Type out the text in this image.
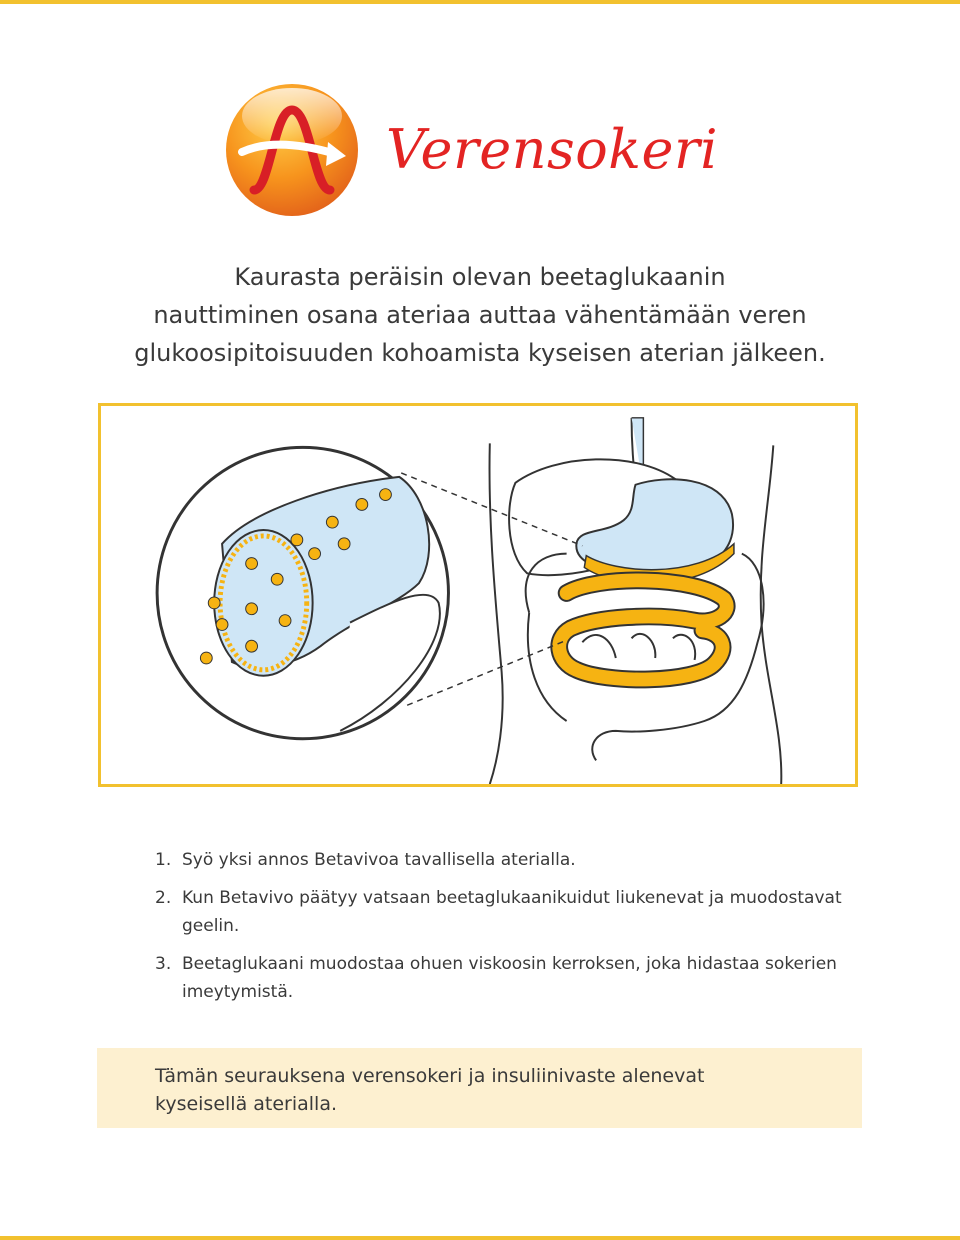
Verensokeri
Kaurasta peräisin olevan beetaglukaanin
nauttiminen osana ateriaa auttaa vähentämään veren
glukoosipitoisuuden kohoamista kyseisen aterian jälkeen.
1. Syö yksi annos Betavivoa tavallisella aterialla.
2. Kun Betavivo päätyy vatsaan beetaglukaanikuidut liukenevat ja muodostavat geelin.
3. Beetaglukaani muodostaa ohuen viskoosin kerroksen, joka hidastaa sokerien imeytymistä.
Tämän seurauksena verensokeri ja insuliinivaste alenevat
kyseisellä aterialla.
